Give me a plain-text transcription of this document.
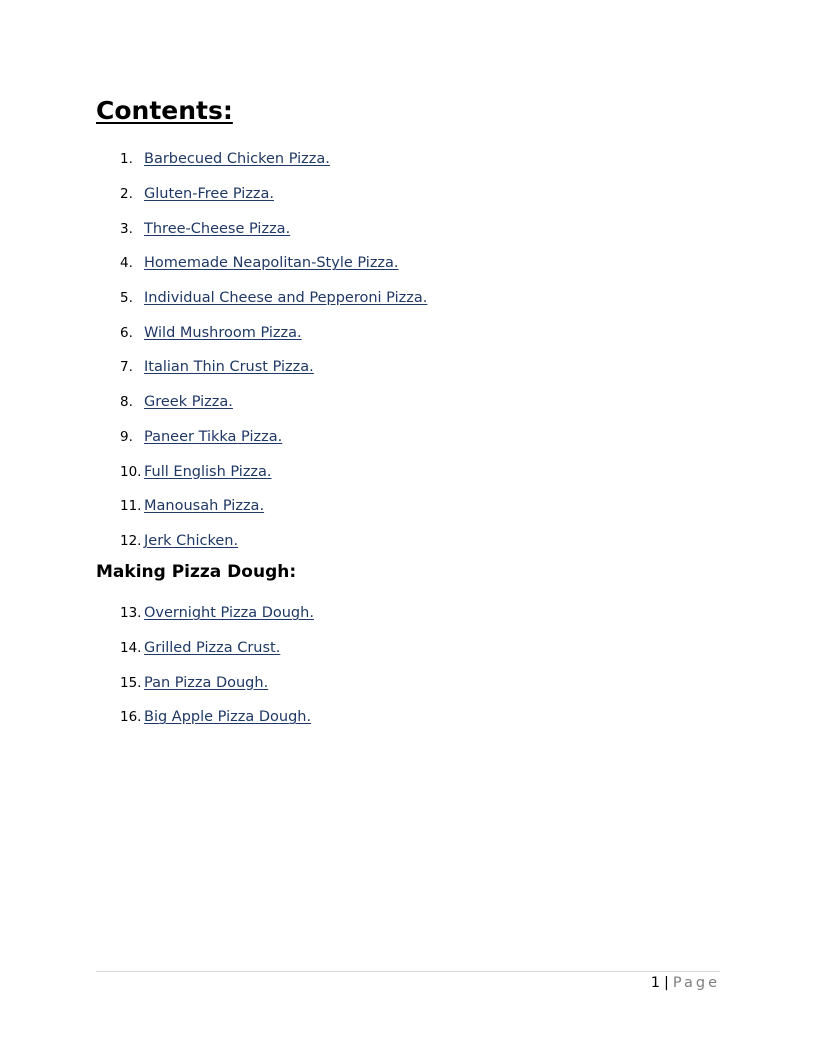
Contents:
1. Barbecued Chicken Pizza.
2. Gluten-Free Pizza.
3. Three-Cheese Pizza.
4. Homemade Neapolitan-Style Pizza.
5. Individual Cheese and Pepperoni Pizza.
6. Wild Mushroom Pizza.
7. Italian Thin Crust Pizza.
8. Greek Pizza.
9. Paneer Tikka Pizza.
10. Full English Pizza.
11. Manousah Pizza.
12. Jerk Chicken.
Making Pizza Dough:
13. Overnight Pizza Dough.
14. Grilled Pizza Crust.
15. Pan Pizza Dough.
16. Big Apple Pizza Dough.
1 | Page
